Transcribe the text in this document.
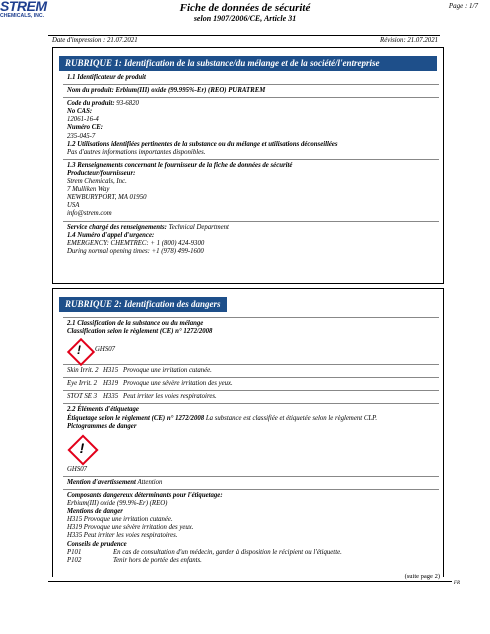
STREM
CHEMICALS, INC.
Fiche de données de sécurité
selon 1907/2006/CE, Article 31
Page : 1/7
Date d'impression : 21.07.2021	Révision: 21.07.2021
RUBRIQUE 1: Identification de la substance/du mélange et de la société/l'entreprise
1.1 Identificateur de produit
Nom du produit: Erbium(III) oxide (99.995%-Er) (REO) PURATREM
Code du produit: 93-6820
No CAS:
12061-16-4
Numéro CE:
235-045-7
1.2 Utilisations identifiées pertinentes de la substance ou du mélange et utilisations déconseillées
Pas d'autres informations importantes disponibles.
1.3 Renseignements concernant le fournisseur de la fiche de données de sécurité
Producteur/fournisseur:
Strem Chemicals, Inc.
7 Mulliken Way
NEWBURYPORT, MA 01950
USA
info@strem.com
Service chargé des renseignements: Technical Department
1.4 Numéro d'appel d'urgence:
EMERGENCY: CHEMTREC: + 1 (800) 424-9300
During normal opening times: +1 (978) 499-1600
RUBRIQUE 2: Identification des dangers
2.1 Classification de la substance ou du mélange
Classification selon le règlement (CE) n° 1272/2008
!	GHS07
Skin Irrit. 2 H315 Provoque une irritation cutanée.
Eye Irrit. 2 H319 Provoque une sévère irritation des yeux.
STOT SE 3 H335 Peut irriter les voies respiratoires.
2.2 Éléments d'étiquetage
Étiquetage selon le règlement (CE) n° 1272/2008 La substance est classifiée et étiquetée selon le règlement CLP.
Pictogrammes de danger
!
GHS07
Mention d'avertissement Attention
Composants dangereux déterminants pour l'étiquetage:
Erbium(III) oxide (99.9%-Er) (REO)
Mentions de danger
H315 Provoque une irritation cutanée.
H319 Provoque une sévère irritation des yeux.
H335 Peut irriter les voies respiratoires.
Conseils de prudence
P101	En cas de consultation d'un médecin, garder à disposition le récipient ou l'étiquette.
P102	Tenir hors de portée des enfants.
(suite page 2)
FR
